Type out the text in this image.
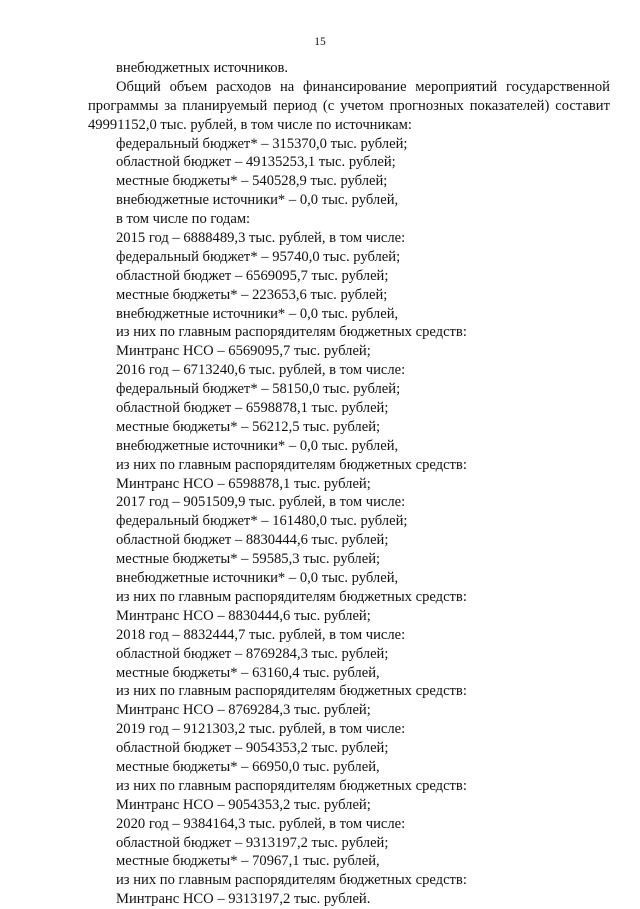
15
внебюджетных источников.
Общий объем расходов на финансирование мероприятий государственной
программы за планируемый период (с учетом прогнозных показателей) составит
49991152,0 тыс. рублей, в том числе по источникам:
федеральный бюджет* – 315370,0 тыс. рублей;
областной бюджет – 49135253,1 тыс. рублей;
местные бюджеты* – 540528,9 тыс. рублей;
внебюджетные источники* – 0,0 тыс. рублей,
в том числе по годам:
2015 год – 6888489,3 тыс. рублей, в том числе:
федеральный бюджет* – 95740,0 тыс. рублей;
областной бюджет – 6569095,7 тыс. рублей;
местные бюджеты* – 223653,6 тыс. рублей;
внебюджетные источники* – 0,0 тыс. рублей,
из них по главным распорядителям бюджетных средств:
Минтранс НСО – 6569095,7 тыс. рублей;
2016 год – 6713240,6 тыс. рублей, в том числе:
федеральный бюджет* – 58150,0 тыс. рублей;
областной бюджет – 6598878,1 тыс. рублей;
местные бюджеты* – 56212,5 тыс. рублей;
внебюджетные источники* – 0,0 тыс. рублей,
из них по главным распорядителям бюджетных средств:
Минтранс НСО – 6598878,1 тыс. рублей;
2017 год – 9051509,9 тыс. рублей, в том числе:
федеральный бюджет* – 161480,0 тыс. рублей;
областной бюджет – 8830444,6 тыс. рублей;
местные бюджеты* – 59585,3 тыс. рублей;
внебюджетные источники* – 0,0 тыс. рублей,
из них по главным распорядителям бюджетных средств:
Минтранс НСО – 8830444,6 тыс. рублей;
2018 год – 8832444,7 тыс. рублей, в том числе:
областной бюджет – 8769284,3 тыс. рублей;
местные бюджеты* – 63160,4 тыс. рублей,
из них по главным распорядителям бюджетных средств:
Минтранс НСО – 8769284,3 тыс. рублей;
2019 год – 9121303,2 тыс. рублей, в том числе:
областной бюджет – 9054353,2 тыс. рублей;
местные бюджеты* – 66950,0 тыс. рублей,
из них по главным распорядителям бюджетных средств:
Минтранс НСО – 9054353,2 тыс. рублей;
2020 год – 9384164,3 тыс. рублей, в том числе:
областной бюджет – 9313197,2 тыс. рублей;
местные бюджеты* – 70967,1 тыс. рублей,
из них по главным распорядителям бюджетных средств:
Минтранс НСО – 9313197,2 тыс. рублей.
